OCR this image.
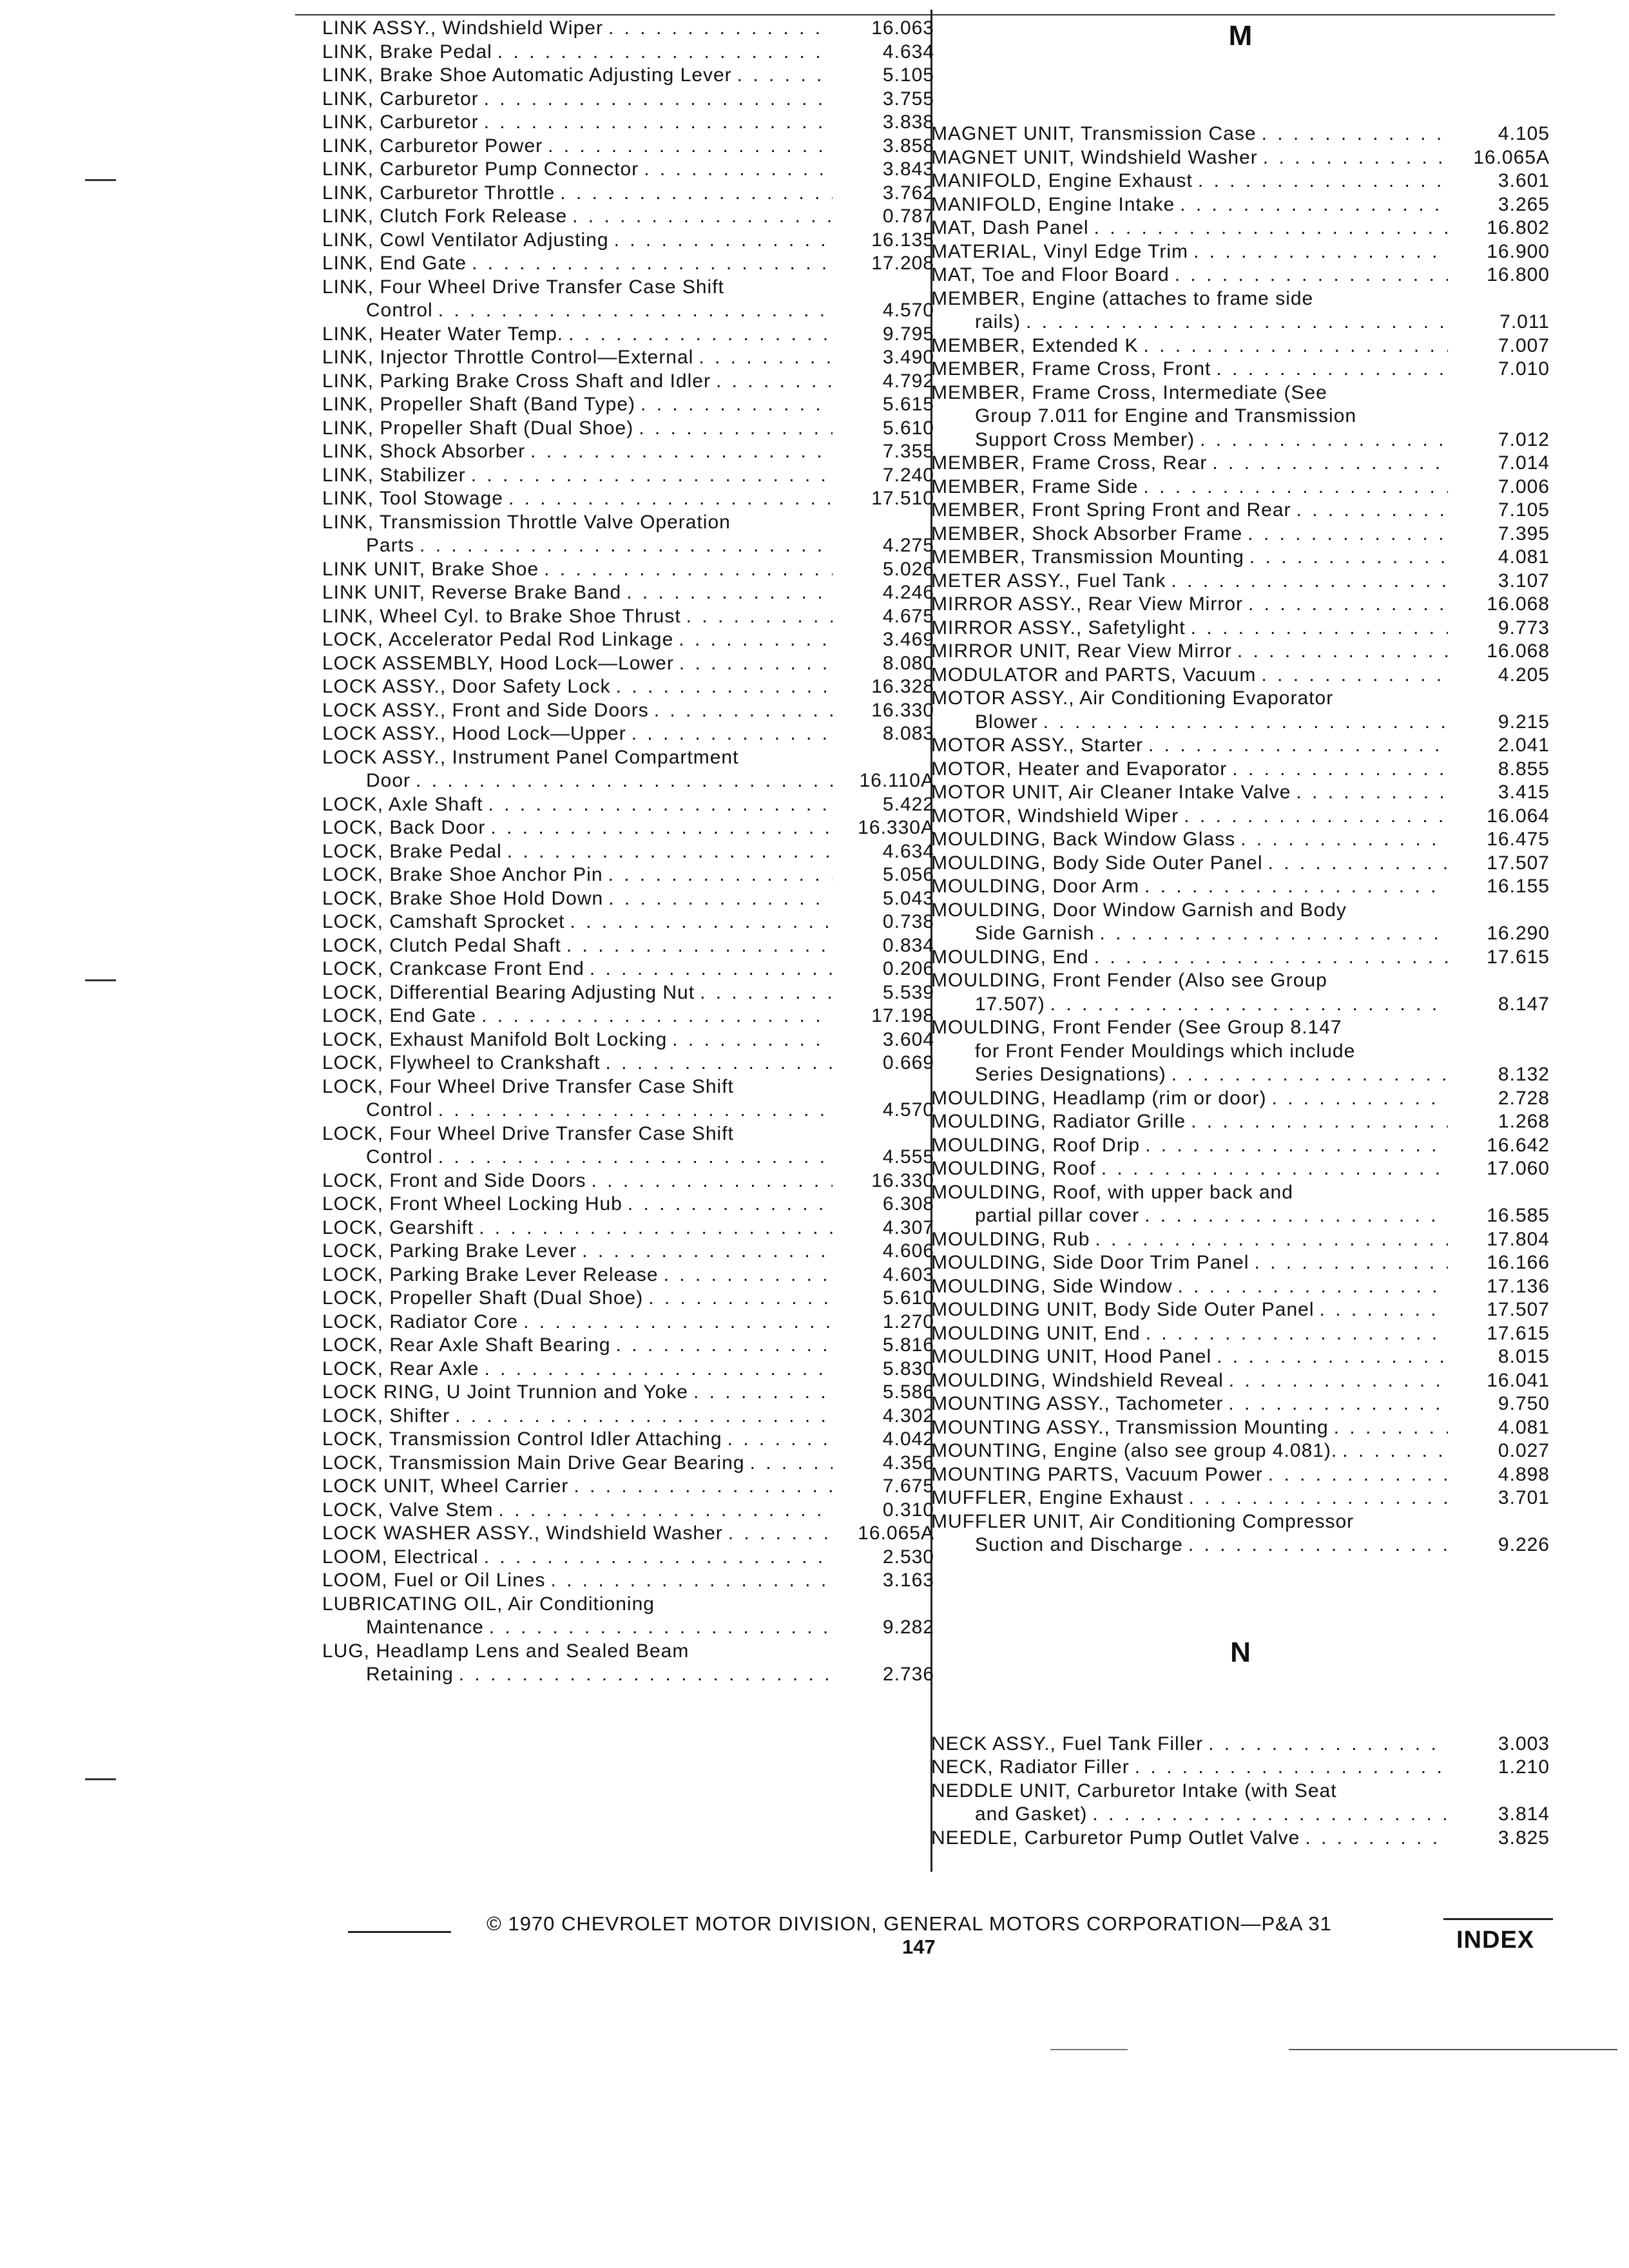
LINK ASSY., Windshield Wiper . . .	16.063
LINK, Brake Pedal . . .	4.634
LINK, Brake Shoe Automatic Adjusting Lever . . .	5.105
LINK, Carburetor . . .	3.755
LINK, Carburetor . . .	3.838
LINK, Carburetor Power . . .	3.858
LINK, Carburetor Pump Connector . . .	3.843
LINK, Carburetor Throttle . . .	3.762
LINK, Clutch Fork Release . . .	0.787
LINK, Cowl Ventilator Adjusting . . .	16.135
LINK, End Gate . . .	17.208
LINK, Four Wheel Drive Transfer Case Shift
Control . . .	4.570
LINK, Heater Water Temp. . . .	9.795
LINK, Injector Throttle Control—External . . .	3.490
LINK, Parking Brake Cross Shaft and Idler . . .	4.792
LINK, Propeller Shaft (Band Type) . . .	5.615
LINK, Propeller Shaft (Dual Shoe) . . .	5.610
LINK, Shock Absorber . . .	7.355
LINK, Stabilizer . . .	7.240
LINK, Tool Stowage . . .	17.510
LINK, Transmission Throttle Valve Operation
Parts . . .	4.275
LINK UNIT, Brake Shoe . . .	5.026
LINK UNIT, Reverse Brake Band . . .	4.246
LINK, Wheel Cyl. to Brake Shoe Thrust . . .	4.675
LOCK, Accelerator Pedal Rod Linkage . . .	3.469
LOCK ASSEMBLY, Hood Lock—Lower . . .	8.080
LOCK ASSY., Door Safety Lock . . .	16.328
LOCK ASSY., Front and Side Doors . . .	16.330
LOCK ASSY., Hood Lock—Upper . . .	8.083
LOCK ASSY., Instrument Panel Compartment
Door . . .	16.110A
LOCK, Axle Shaft . . .	5.422
LOCK, Back Door . . .	16.330A
LOCK, Brake Pedal . . .	4.634
LOCK, Brake Shoe Anchor Pin . . .	5.056
LOCK, Brake Shoe Hold Down . . .	5.043
LOCK, Camshaft Sprocket . . .	0.738
LOCK, Clutch Pedal Shaft . . .	0.834
LOCK, Crankcase Front End . . .	0.206
LOCK, Differential Bearing Adjusting Nut . . .	5.539
LOCK, End Gate . . .	17.198
LOCK, Exhaust Manifold Bolt Locking . . .	3.604
LOCK, Flywheel to Crankshaft . . .	0.669
LOCK, Four Wheel Drive Transfer Case Shift
Control . . .	4.570
LOCK, Four Wheel Drive Transfer Case Shift
Control . . .	4.555
LOCK, Front and Side Doors . . .	16.330
LOCK, Front Wheel Locking Hub . . .	6.308
LOCK, Gearshift . . .	4.307
LOCK, Parking Brake Lever . . .	4.606
LOCK, Parking Brake Lever Release . . .	4.603
LOCK, Propeller Shaft (Dual Shoe) . . .	5.610
LOCK, Radiator Core . . .	1.270
LOCK, Rear Axle Shaft Bearing . . .	5.816
LOCK, Rear Axle . . .	5.830
LOCK RING, U Joint Trunnion and Yoke . . .	5.586
LOCK, Shifter . . .	4.302
LOCK, Transmission Control Idler Attaching . . .	4.042
LOCK, Transmission Main Drive Gear Bearing . . .	4.356
LOCK UNIT, Wheel Carrier . . .	7.675
LOCK, Valve Stem . . .	0.310
LOCK WASHER ASSY., Windshield Washer . . .	16.065A
LOOM, Electrical . . .	2.530
LOOM, Fuel or Oil Lines . . .	3.163
LUBRICATING OIL, Air Conditioning
Maintenance . . .	9.282
LUG, Headlamp Lens and Sealed Beam
Retaining . . .	2.736
M
MAGNET UNIT, Transmission Case . . .	4.105
MAGNET UNIT, Windshield Washer . . .	16.065A
MANIFOLD, Engine Exhaust . . .	3.601
MANIFOLD, Engine Intake . . .	3.265
MAT, Dash Panel . . .	16.802
MATERIAL, Vinyl Edge Trim . . .	16.900
MAT, Toe and Floor Board . . .	16.800
MEMBER, Engine (attaches to frame side
rails) . . .	7.011
MEMBER, Extended K . . .	7.007
MEMBER, Frame Cross, Front . . .	7.010
MEMBER, Frame Cross, Intermediate (See
Group 7.011 for Engine and Transmission
Support Cross Member) . . .	7.012
MEMBER, Frame Cross, Rear . . .	7.014
MEMBER, Frame Side . . .	7.006
MEMBER, Front Spring Front and Rear . . .	7.105
MEMBER, Shock Absorber Frame . . .	7.395
MEMBER, Transmission Mounting . . .	4.081
METER ASSY., Fuel Tank . . .	3.107
MIRROR ASSY., Rear View Mirror . . .	16.068
MIRROR ASSY., Safetylight . . .	9.773
MIRROR UNIT, Rear View Mirror . . .	16.068
MODULATOR and PARTS, Vacuum . . .	4.205
MOTOR ASSY., Air Conditioning Evaporator
Blower . . .	9.215
MOTOR ASSY., Starter . . .	2.041
MOTOR, Heater and Evaporator . . .	8.855
MOTOR UNIT, Air Cleaner Intake Valve . . .	3.415
MOTOR, Windshield Wiper . . .	16.064
MOULDING, Back Window Glass . . .	16.475
MOULDING, Body Side Outer Panel . . .	17.507
MOULDING, Door Arm . . .	16.155
MOULDING, Door Window Garnish and Body
Side Garnish . . .	16.290
MOULDING, End . . .	17.615
MOULDING, Front Fender (Also see Group
17.507) . . .	8.147
MOULDING, Front Fender (See Group 8.147
for Front Fender Mouldings which include
Series Designations) . . .	8.132
MOULDING, Headlamp (rim or door) . . .	2.728
MOULDING, Radiator Grille . . .	1.268
MOULDING, Roof Drip . . .	16.642
MOULDING, Roof . . .	17.060
MOULDING, Roof, with upper back and
partial pillar cover . . .	16.585
MOULDING, Rub . . .	17.804
MOULDING, Side Door Trim Panel . . .	16.166
MOULDING, Side Window . . .	17.136
MOULDING UNIT, Body Side Outer Panel . . .	17.507
MOULDING UNIT, End . . .	17.615
MOULDING UNIT, Hood Panel . . .	8.015
MOULDING, Windshield Reveal . . .	16.041
MOUNTING ASSY., Tachometer . . .	9.750
MOUNTING ASSY., Transmission Mounting . . .	4.081
MOUNTING, Engine (also see group 4.081). . . .	0.027
MOUNTING PARTS, Vacuum Power . . .	4.898
MUFFLER, Engine Exhaust . . .	3.701
MUFFLER UNIT, Air Conditioning Compressor
Suction and Discharge . . .	9.226
N
NECK ASSY., Fuel Tank Filler . . .	3.003
NECK, Radiator Filler . . .	1.210
NEDDLE UNIT, Carburetor Intake (with Seat
and Gasket) . . .	3.814
NEEDLE, Carburetor Pump Outlet Valve . . .	3.825
© 1970 CHEVROLET MOTOR DIVISION, GENERAL MOTORS CORPORATION—P&A 31
147	INDEX
